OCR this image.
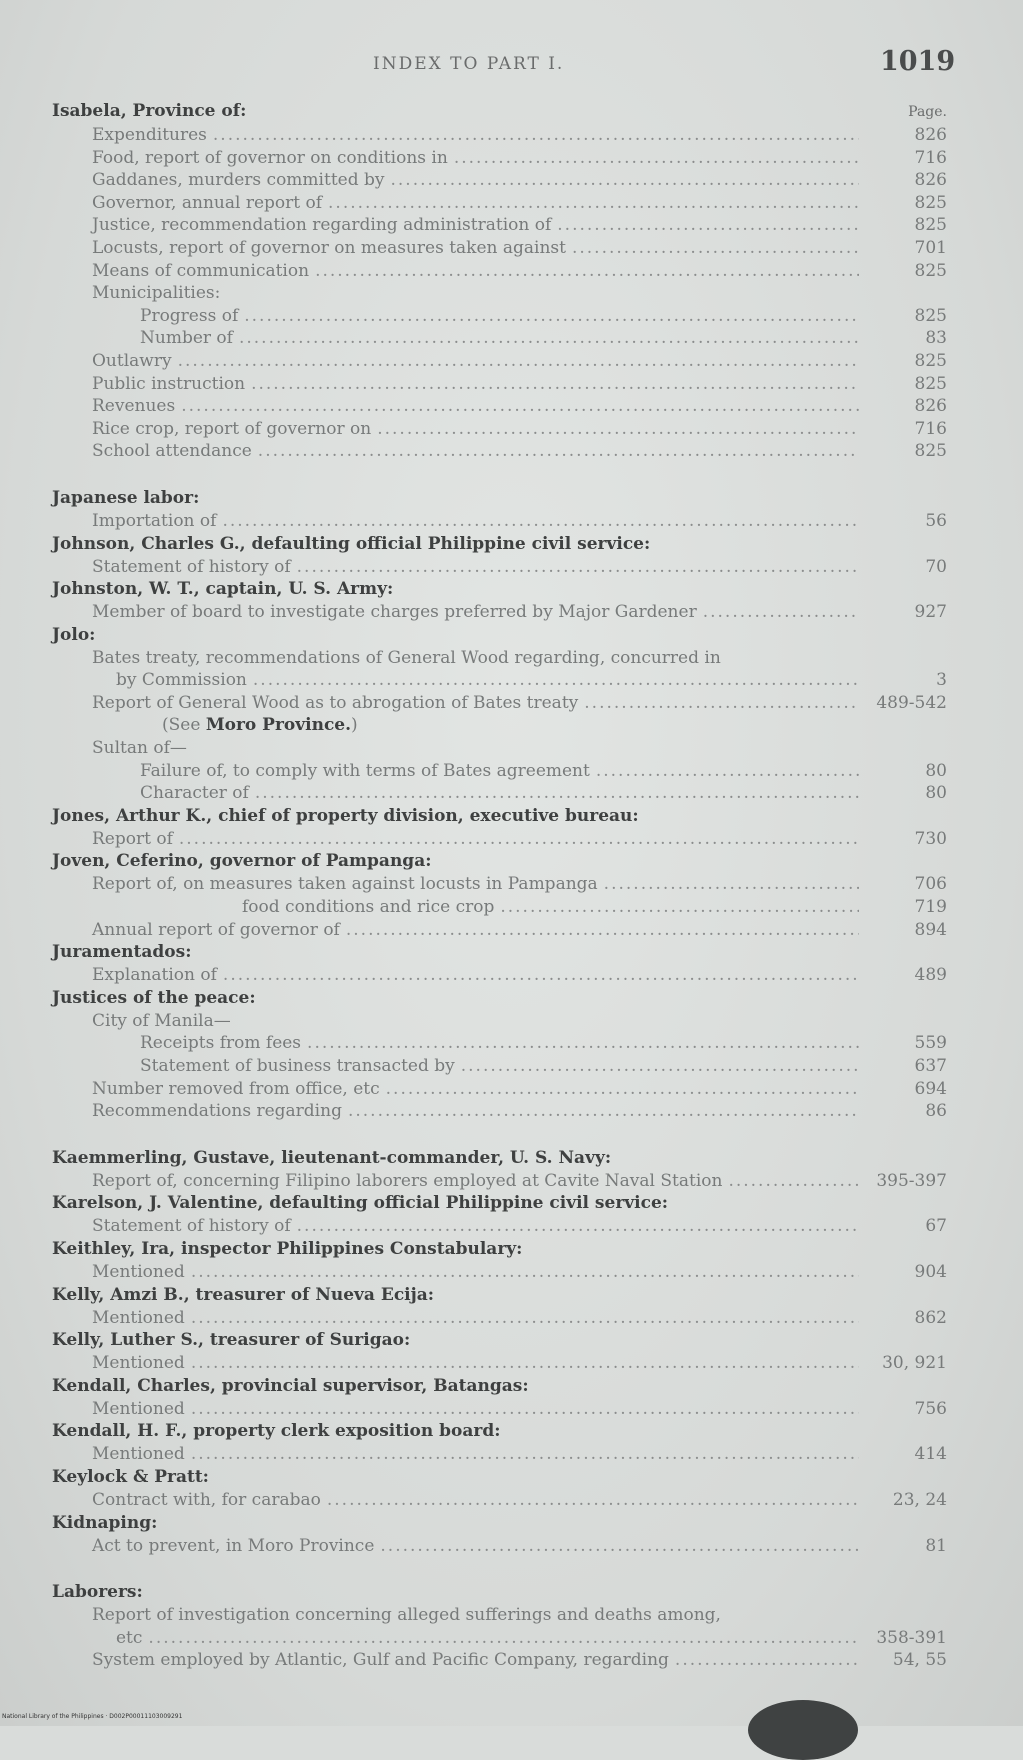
INDEX TO PART I.	1019
Isabela, Province of:	Page.
Expenditures .....	826
Food, report of governor on conditions in .....	716
Gaddanes, murders committed by .....	826
Governor, annual report of .....	825
Justice, recommendation regarding administration of .....	825
Locusts, report of governor on measures taken against .....	701
Means of communication .....	825
Municipalities:
Progress of .....	825
Number of .....	83
Outlawry .....	825
Public instruction .....	825
Revenues .....	826
Rice crop, report of governor on .....	716
School attendance .....	825
Japanese labor:
Importation of .....	56
Johnson, Charles G., defaulting official Philippine civil service:
Statement of history of .....	70
Johnston, W. T., captain, U. S. Army:
Member of board to investigate charges preferred by Major Gardener .....	927
Jolo:
Bates treaty, recommendations of General Wood regarding, concurred in
by Commission .....	3
Report of General Wood as to abrogation of Bates treaty .....	489-542
(See Moro Province.)
Sultan of—
Failure of, to comply with terms of Bates agreement .....	80
Character of .....	80
Jones, Arthur K., chief of property division, executive bureau:
Report of .....	730
Joven, Ceferino, governor of Pampanga:
Report of, on measures taken against locusts in Pampanga .....	706
food conditions and rice crop .....	719
Annual report of governor of .....	894
Juramentados:
Explanation of .....	489
Justices of the peace:
City of Manila—
Receipts from fees .....	559
Statement of business transacted by .....	637
Number removed from office, etc .....	694
Recommendations regarding .....	86
Kaemmerling, Gustave, lieutenant-commander, U. S. Navy:
Report of, concerning Filipino laborers employed at Cavite Naval Station .....	395-397
Karelson, J. Valentine, defaulting official Philippine civil service:
Statement of history of .....	67
Keithley, Ira, inspector Philippines Constabulary:
Mentioned .....	904
Kelly, Amzi B., treasurer of Nueva Ecija:
Mentioned .....	862
Kelly, Luther S., treasurer of Surigao:
Mentioned .....	30, 921
Kendall, Charles, provincial supervisor, Batangas:
Mentioned .....	756
Kendall, H. F., property clerk exposition board:
Mentioned .....	414
Keylock & Pratt:
Contract with, for carabao .....	23, 24
Kidnaping:
Act to prevent, in Moro Province .....	81
Laborers:
Report of investigation concerning alleged sufferings and deaths among,
etc .....	358-391
System employed by Atlantic, Gulf and Pacific Company, regarding .....	54, 55
National Library of the Philippines · D002P00011103009291
